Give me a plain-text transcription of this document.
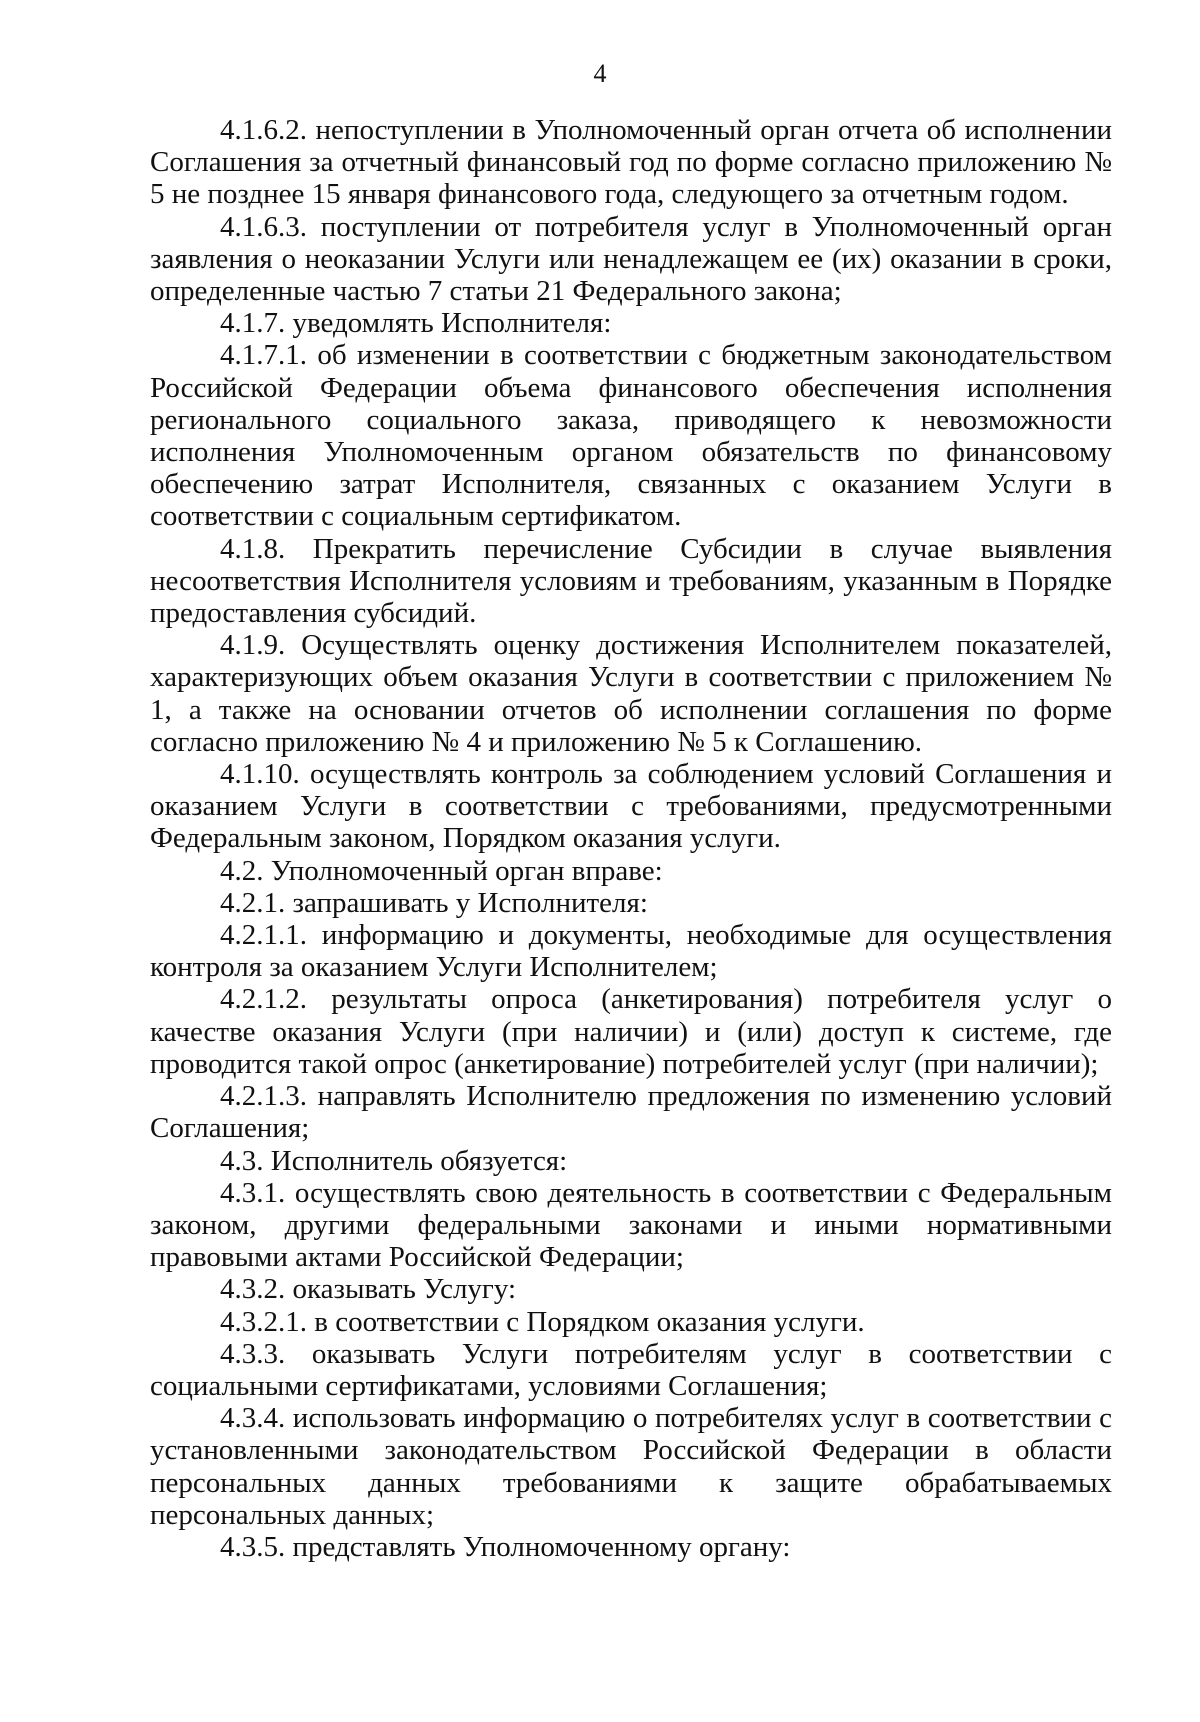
4

4.1.6.2. непоступлении в Уполномоченный орган отчета об исполнении Соглашения за отчетный финансовый год по форме согласно приложению № 5 не позднее 15 января финансового года, следующего за отчетным годом.

4.1.6.3. поступлении от потребителя услуг в Уполномоченный орган заявления о неоказании Услуги или ненадлежащем ее (их) оказании в сроки, определенные частью 7 статьи 21 Федерального закона;

4.1.7. уведомлять Исполнителя:

4.1.7.1. об изменении в соответствии с бюджетным законодательством Российской Федерации объема финансового обеспечения исполнения регионального социального заказа, приводящего к невозможности исполнения Уполномоченным органом обязательств по финансовому обеспечению затрат Исполнителя, связанных с оказанием Услуги в соответствии с социальным сертификатом.

4.1.8. Прекратить перечисление Субсидии в случае выявления несоответствия Исполнителя условиям и требованиям, указанным в Порядке предоставления субсидий.

4.1.9. Осуществлять оценку достижения Исполнителем показателей, характеризующих объем оказания Услуги в соответствии с приложением № 1, а также на основании отчетов об исполнении соглашения по форме согласно приложению № 4 и приложению № 5 к Соглашению.

4.1.10. осуществлять контроль за соблюдением условий Соглашения и оказанием Услуги в соответствии с требованиями, предусмотренными Федеральным законом, Порядком оказания услуги.

4.2. Уполномоченный орган вправе:

4.2.1. запрашивать у Исполнителя:

4.2.1.1. информацию и документы, необходимые для осуществления контроля за оказанием Услуги Исполнителем;

4.2.1.2. результаты опроса (анкетирования) потребителя услуг о качестве оказания Услуги (при наличии) и (или) доступ к системе, где проводится такой опрос (анкетирование) потребителей услуг (при наличии);

4.2.1.3. направлять Исполнителю предложения по изменению условий Соглашения;

4.3. Исполнитель обязуется:

4.3.1. осуществлять свою деятельность в соответствии с Федеральным законом, другими федеральными законами и иными нормативными правовыми актами Российской Федерации;

4.3.2. оказывать Услугу:

4.3.2.1. в соответствии с Порядком оказания услуги.

4.3.3. оказывать Услуги потребителям услуг в соответствии с социальными сертификатами, условиями Соглашения;

4.3.4. использовать информацию о потребителях услуг в соответствии с установленными законодательством Российской Федерации в области персональных данных требованиями к защите обрабатываемых персональных данных;

4.3.5. представлять Уполномоченному органу:
